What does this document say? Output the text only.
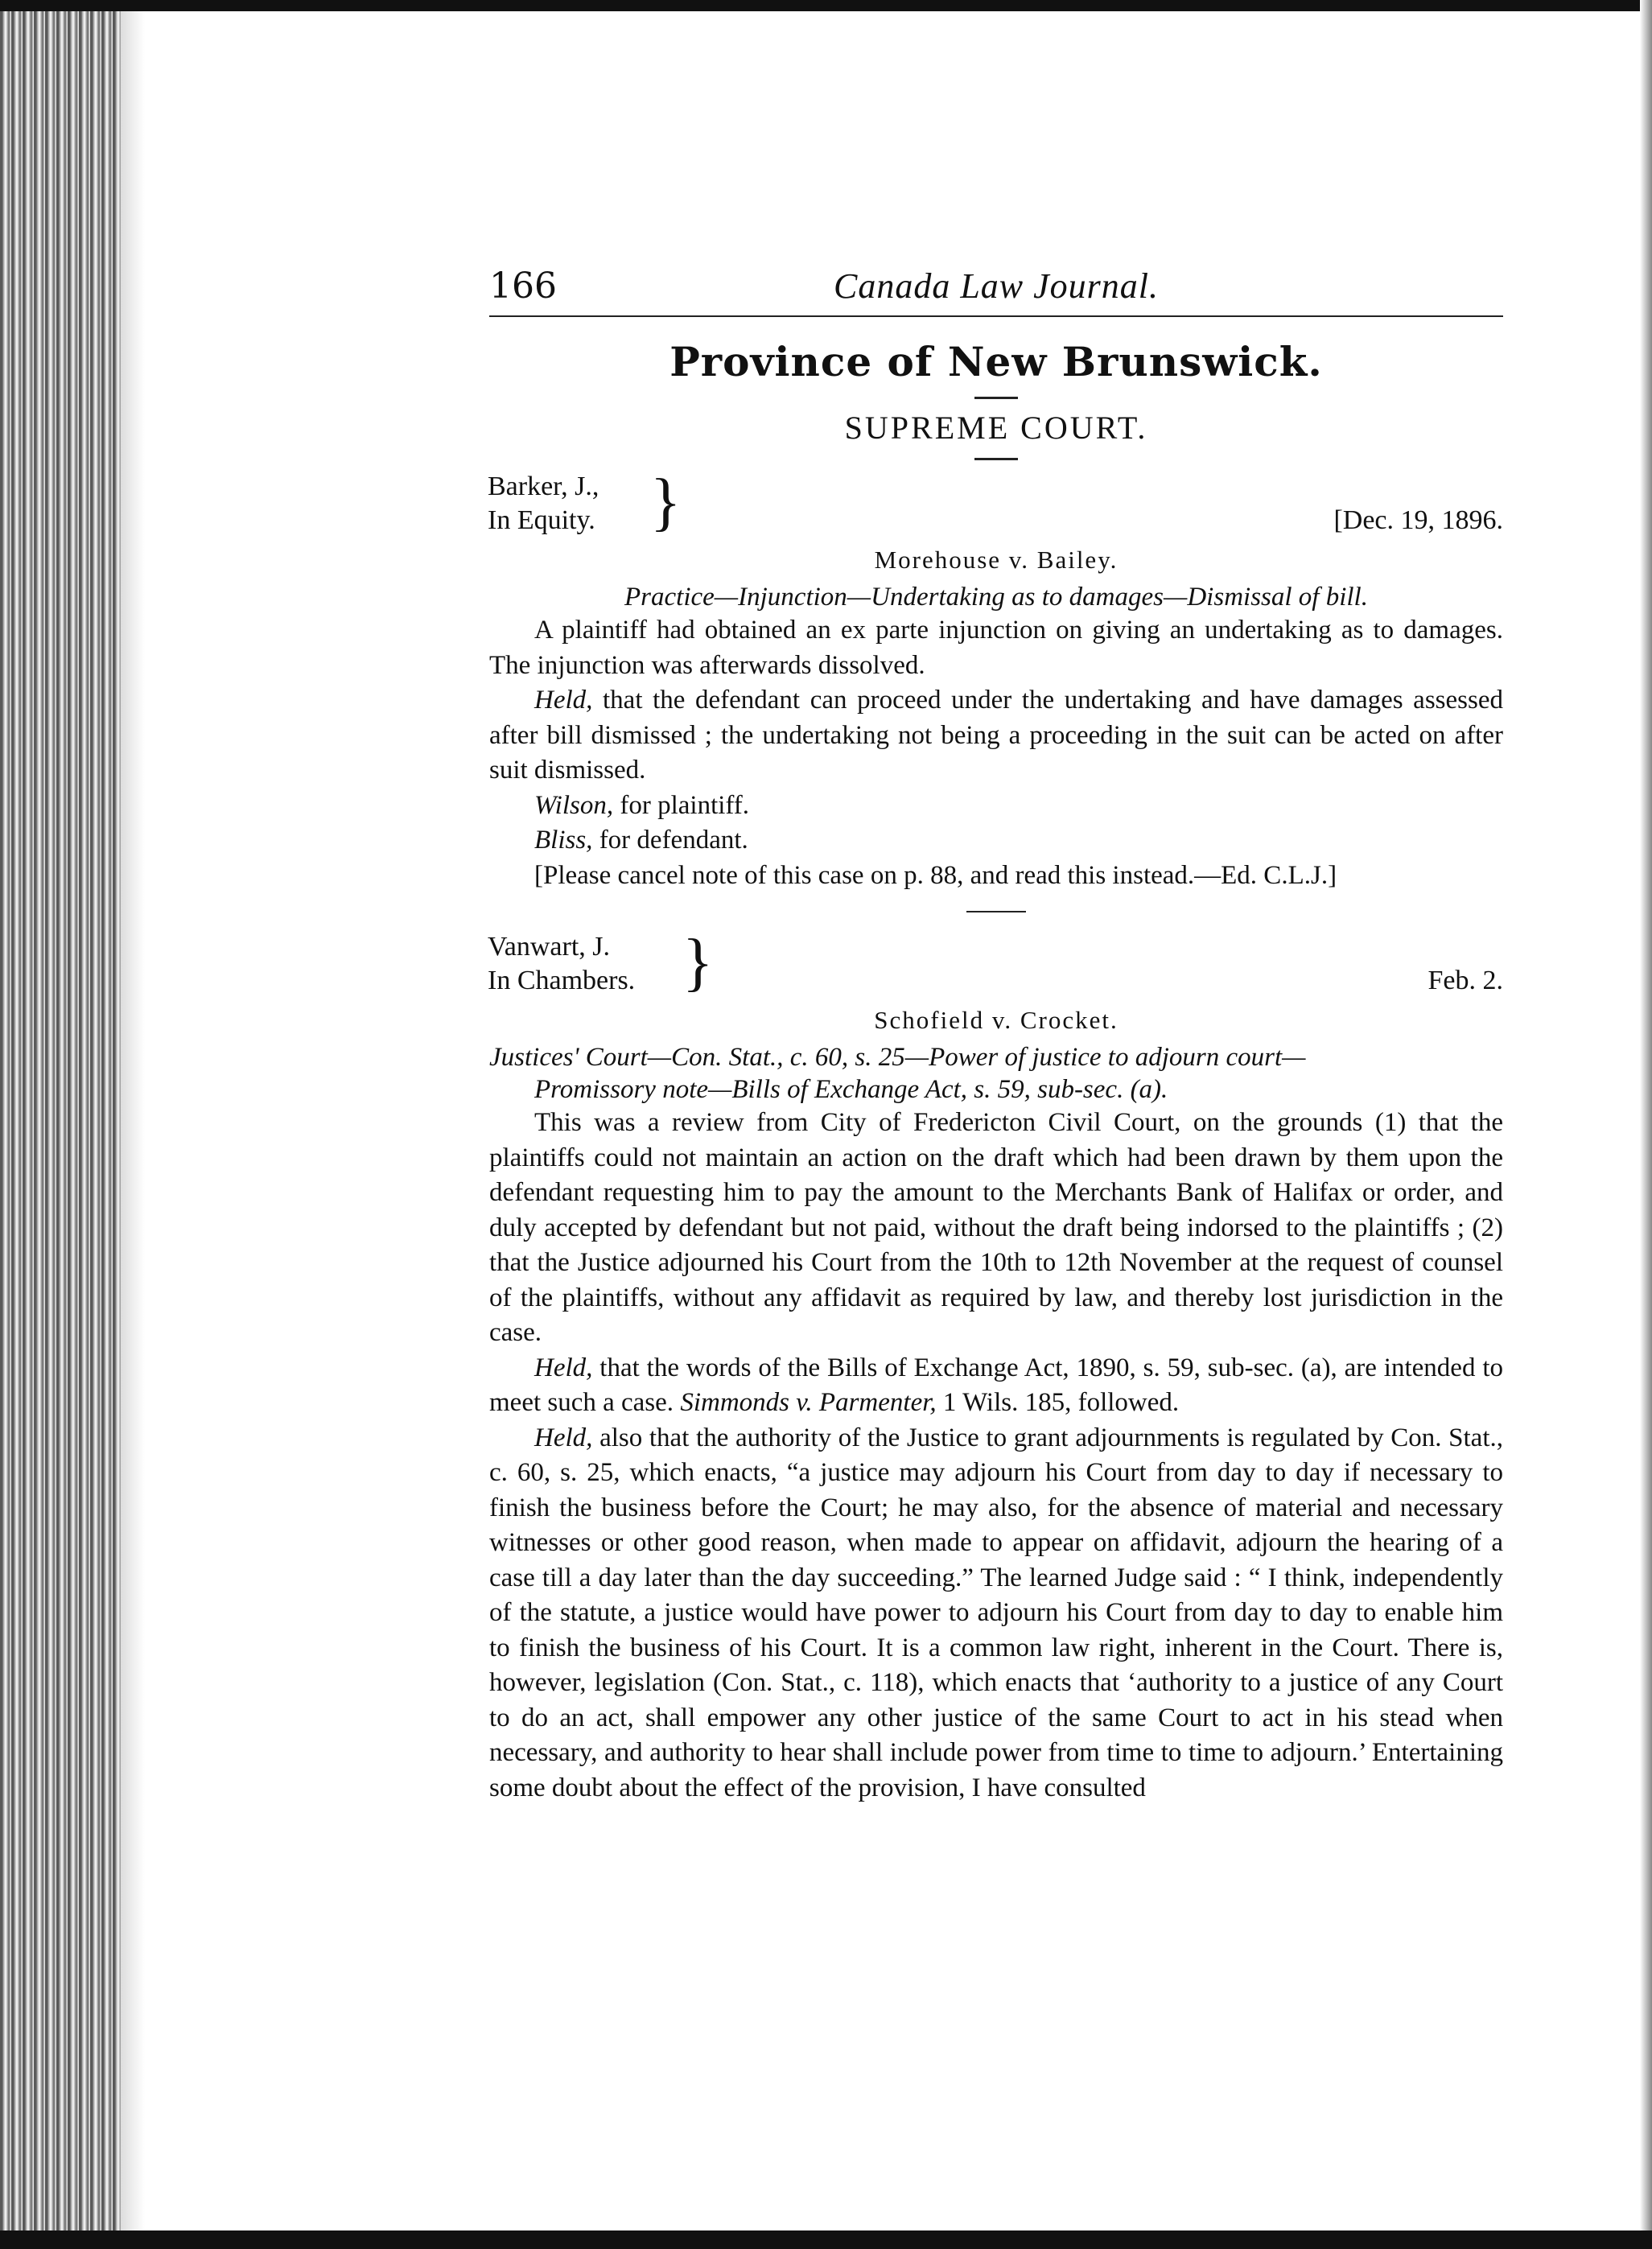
166	Canada Law Journal.
Province of New Brunswick.
SUPREME COURT.
Barker, J.,
In Equity. }	[Dec. 19, 1896.
Morehouse v. Bailey.
Practice—Injunction—Undertaking as to damages—Dismissal of bill.

A plaintiff had obtained an ex parte injunction on giving an undertaking as to damages. The injunction was afterwards dissolved.

Held, that the defendant can proceed under the undertaking and have damages assessed after bill dismissed ; the undertaking not being a proceeding in the suit can be acted on after suit dismissed.

Wilson, for plaintiff.

Bliss, for defendant.

[Please cancel note of this case on p. 88, and read this instead.—Ed. C.L.J.]

Vanwart, J.
In Chambers. }	Feb. 2.
Schofield v. Crocket.
Justices' Court—Con. Stat., c. 60, s. 25—Power of justice to adjourn court—
Promissory note—Bills of Exchange Act, s. 59, sub-sec. (a).

This was a review from City of Fredericton Civil Court, on the grounds (1) that the plaintiffs could not maintain an action on the draft which had been drawn by them upon the defendant requesting him to pay the amount to the Merchants Bank of Halifax or order, and duly accepted by defendant but not paid, without the draft being indorsed to the plaintiffs ; (2) that the Justice adjourned his Court from the 10th to 12th November at the request of counsel of the plaintiffs, without any affidavit as required by law, and thereby lost jurisdiction in the case.

Held, that the words of the Bills of Exchange Act, 1890, s. 59, sub-sec. (a), are intended to meet such a case. Simmonds v. Parmenter, 1 Wils. 185, followed.

Held, also that the authority of the Justice to grant adjournments is regulated by Con. Stat., c. 60, s. 25, which enacts, “a justice may adjourn his Court from day to day if necessary to finish the business before the Court; he may also, for the absence of material and necessary witnesses or other good reason, when made to appear on affidavit, adjourn the hearing of a case till a day later than the day succeeding.” The learned Judge said : “ I think, independently of the statute, a justice would have power to adjourn his Court from day to day to enable him to finish the business of his Court. It is a common law right, inherent in the Court. There is, however, legislation (Con. Stat., c. 118), which enacts that ‘authority to a justice of any Court to do an act, shall empower any other justice of the same Court to act in his stead when necessary, and authority to hear shall include power from time to time to adjourn.’ Entertaining some doubt about the effect of the provision, I have consulted
